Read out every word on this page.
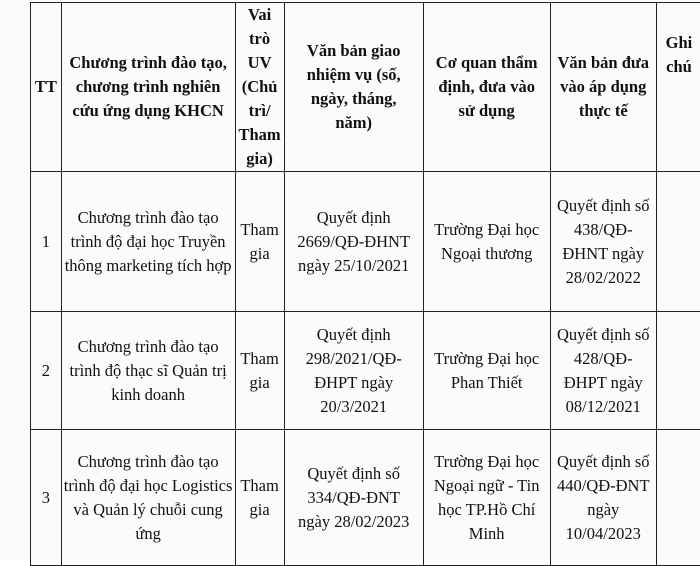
TT	Chương trình đào tạo, chương trình nghiên cứu ứng dụng KHCN	Vai trò UV (Chủ trì/ Tham gia)	Văn bản giao nhiệm vụ (số, ngày, tháng, năm)	Cơ quan thẩm định, đưa vào sử dụng	Văn bản đưa vào áp dụng thực tế	Ghi chú
1	Chương trình đào tạo trình độ đại học Truyền thông marketing tích hợp	Tham gia	Quyết định 2669/QĐ-ĐHNT ngày 25/10/2021	Trường Đại học Ngoại thương	Quyết định số 438/QĐ-ĐHNT ngày 28/02/2022	
2	Chương trình đào tạo trình độ thạc sĩ Quản trị kinh doanh	Tham gia	Quyết định 298/2021/QĐ-ĐHPT ngày 20/3/2021	Trường Đại học Phan Thiết	Quyết định số 428/QĐ-ĐHPT ngày 08/12/2021	
3	Chương trình đào tạo trình độ đại học Logistics và Quản lý chuỗi cung ứng	Tham gia	Quyết định số 334/QĐ-ĐNT ngày 28/02/2023	Trường Đại học Ngoại ngữ - Tin học TP.Hồ Chí Minh	Quyết định số 440/QĐ-ĐNT ngày 10/04/2023	
